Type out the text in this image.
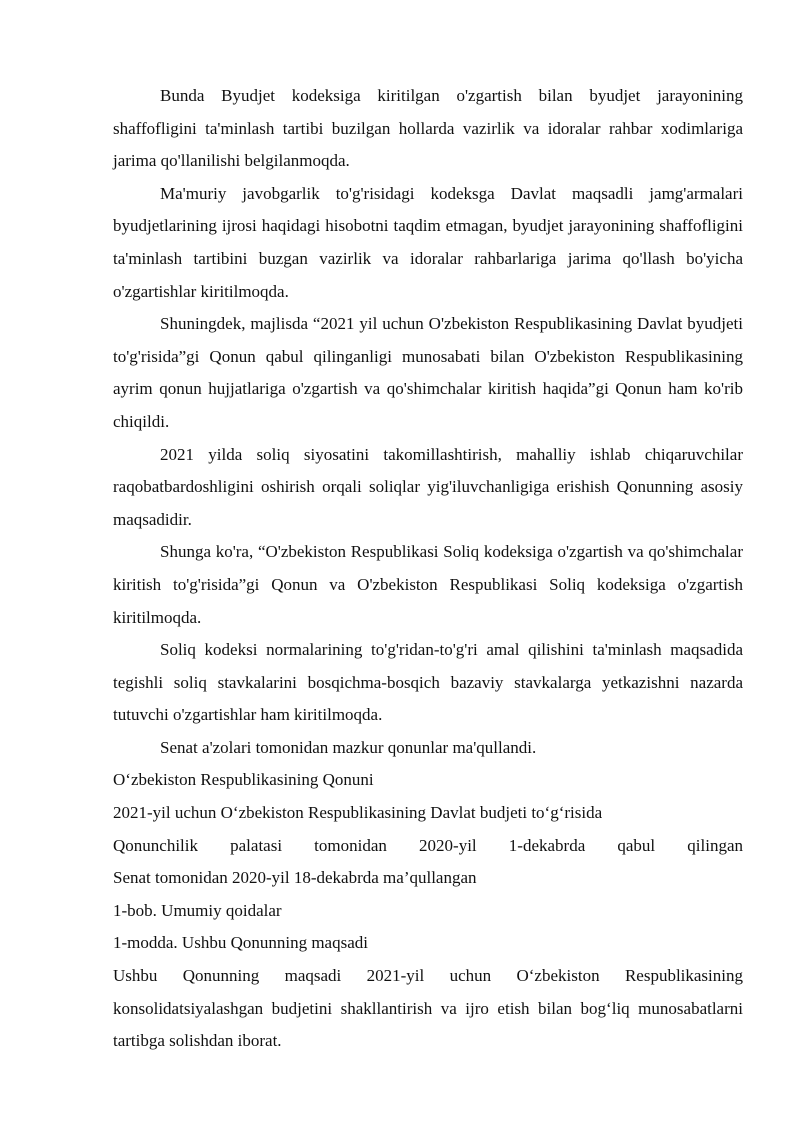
Bunda Byudjet kodeksiga kiritilgan o'zgartish bilan byudjet jarayonining shaffofligini ta'minlash tartibi buzilgan hollarda vazirlik va idoralar rahbar xodimlariga jarima qo'llanilishi belgilanmoqda.

Ma'muriy javobgarlik to'g'risidagi kodeksga Davlat maqsadli jamg'armalari byudjetlarining ijrosi haqidagi hisobotni taqdim etmagan, byudjet jarayonining shaffofligini ta'minlash tartibini buzgan vazirlik va idoralar rahbarlariga jarima qo'llash bo'yicha o'zgartishlar kiritilmoqda.

Shuningdek, majlisda “2021 yil uchun O'zbekiston Respublikasining Davlat byudjeti to'g'risida”gi Qonun qabul qilinganligi munosabati bilan O'zbekiston Respublikasining ayrim qonun hujjatlariga o'zgartish va qo'shimchalar kiritish haqida”gi Qonun ham ko'rib chiqildi.

2021 yilda soliq siyosatini takomillashtirish, mahalliy ishlab chiqaruvchilar raqobatbardoshligini oshirish orqali soliqlar yig'iluvchanligiga erishish Qonunning asosiy maqsadidir.

Shunga ko'ra, “O'zbekiston Respublikasi Soliq kodeksiga o'zgartish va qo'shimchalar kiritish to'g'risida”gi Qonun va O'zbekiston Respublikasi Soliq kodeksiga o'zgartish kiritilmoqda.

Soliq kodeksi normalarining to'g'ridan-to'g'ri amal qilishini ta'minlash maqsadida tegishli soliq stavkalarini bosqichma-bosqich bazaviy stavkalarga yetkazishni nazarda tutuvchi o'zgartishlar ham kiritilmoqda.

Senat a'zolari tomonidan mazkur qonunlar ma'qullandi.

O‘zbekiston Respublikasining Qonuni

2021-yil uchun O‘zbekiston Respublikasining Davlat budjeti to‘g‘risida

Qonunchilik palatasi tomonidan 2020-yil 1-dekabrda qabul qilingan

Senat tomonidan 2020-yil 18-dekabrda ma’qullangan

1-bob. Umumiy qoidalar

1-modda. Ushbu Qonunning maqsadi

Ushbu Qonunning maqsadi 2021-yil uchun O‘zbekiston Respublikasining konsolidatsiyalashgan budjetini shakllantirish va ijro etish bilan bog‘liq munosabatlarni tartibga solishdan iborat.
